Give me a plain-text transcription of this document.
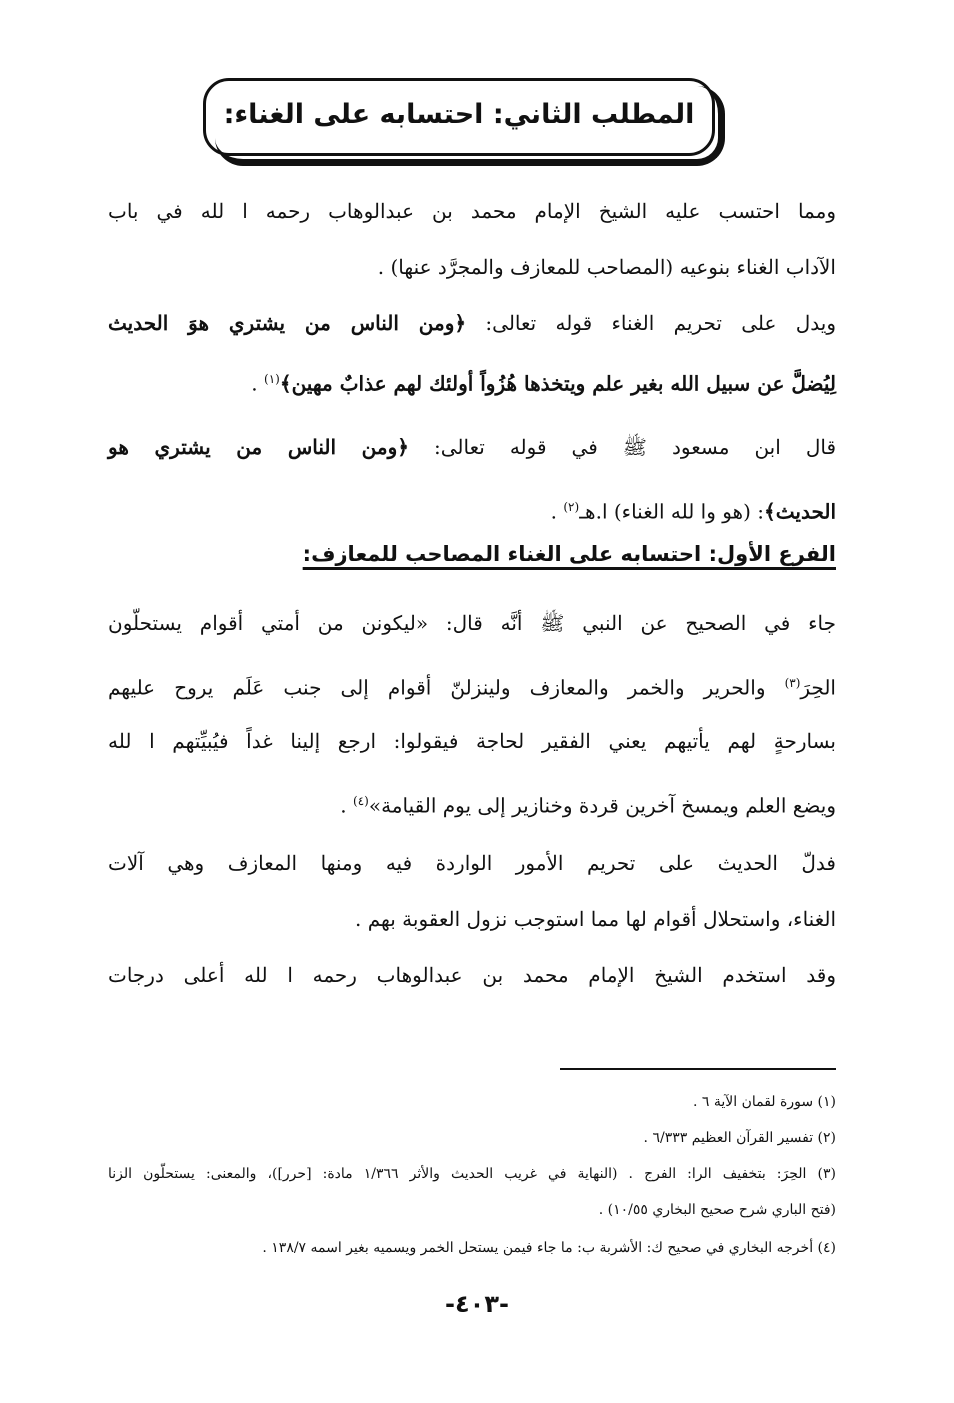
المطلب الثاني: احتسابه على الغناء:
ومما احتسب عليه الشيخ الإمام محمد بن عبدالوهاب رحمه ا لله في باب
الآداب الغناء بنوعيه (المصاحب للمعازف والمجرَّد عنها) .
ويدل على تحريم الغناء قوله تعالى: ﴿ومن الناس من يشتري هوَ الحديث
لِيُضلَّ عن سبيل الله بغير علم ويتخذها هُزُواً أولئك لهم عذابٌ مهين﴾$^{(١)}$ .
قال ابن مسعود ﷺ في قوله تعالى: ﴿ومن الناس من يشتري هو
الحديث﴾: (هو وا لله الغناء) ا.هـ$^{(٢)}$ .
الفرع الأول: احتسابه على الغناء المصاحب للمعازف:
جاء في الصحيح عن النبي ﷺ أنَّه قال: «ليكونن من أمتي أقوام يستحلّون
الحِرَ$^{(٣)}$ والحرير والخمر والمعازف ولينزلنّ أقوام إلى جنب عَلَم يروح عليهم
بسارحةٍ لهم يأتيهم يعني الفقير لحاجة فيقولوا: ارجع إلينا غداً فيُبيِّتهم ا لله
ويضع العلم ويمسخ آخرين قردة وخنازير إلى يوم القيامة»$^{(٤)}$ .
فدلّ الحديث على تحريم الأمور الواردة فيه ومنها المعازف وهي آلات
الغناء، واستحلال أقوام لها مما استوجب نزول العقوبة بهم .
وقد استخدم الشيخ الإمام محمد بن عبدالوهاب رحمه ا لله أعلى درجات
(١) سورة لقمان الآية ٦ .
(٢) تفسير القرآن العظيم ٦/٣٣٣ .
(٣) الحِرَ: بتخفيف الرا: الفرج . (النهاية في غريب الحديث والأثر ١/٣٦٦ مادة: [حرر])، والمعنى: يستحلّون الزنا
(فتح الباري شرح صحيح البخاري ١٠/٥٥) .
(٤) أخرجه البخاري في صحيح ك: الأشربة ب: ما جاء فيمن يستحل الخمر ويسميه بغير اسمه ١٣٨/٧ .
-٤٠٣-
